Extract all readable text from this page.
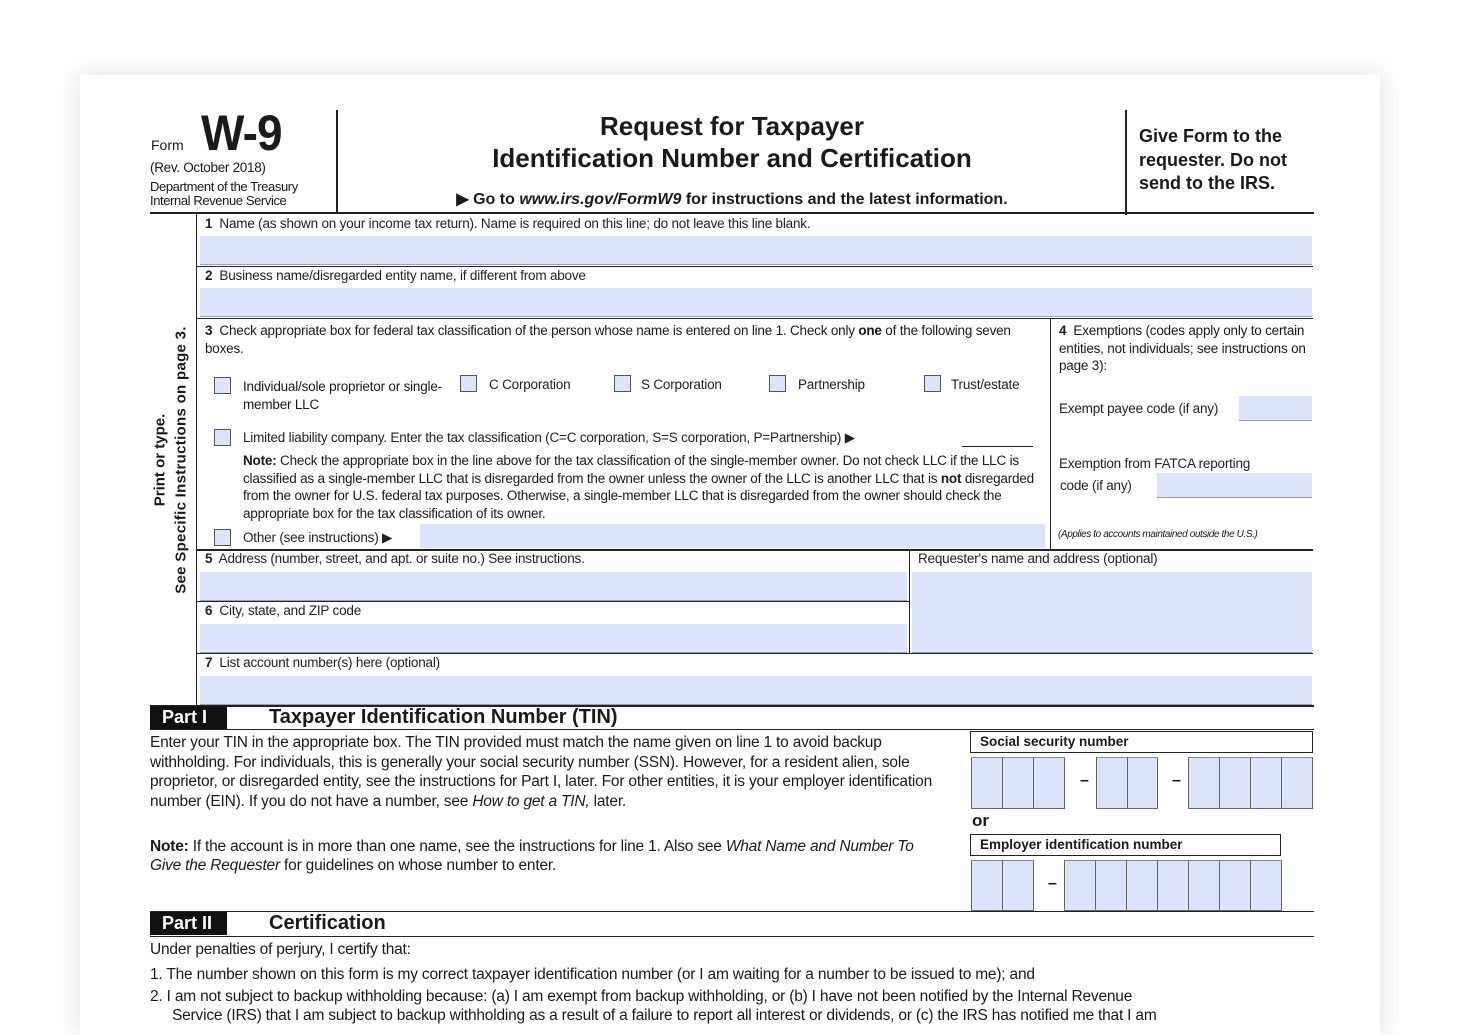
Form W-9
(Rev. October 2018)
Department of the Treasury
Internal Revenue Service
Request for Taxpayer
Identification Number and Certification
▶ Go to www.irs.gov/FormW9 for instructions and the latest information.
Give Form to the
requester. Do not
send to the IRS.
Print or type. See Specific Instructions on page 3.
1 Name (as shown on your income tax return). Name is required on this line; do not leave this line blank.
2 Business name/disregarded entity name, if different from above
3 Check appropriate box for federal tax classification of the person whose name is entered on line 1. Check only one of the following seven boxes.
Individual/sole proprietor or single-member LLC
C Corporation	S Corporation	Partnership	Trust/estate
Limited liability company. Enter the tax classification (C=C corporation, S=S corporation, P=Partnership) ▶
Note: Check the appropriate box in the line above for the tax classification of the single-member owner. Do not check LLC if the LLC is classified as a single-member LLC that is disregarded from the owner unless the owner of the LLC is another LLC that is not disregarded from the owner for U.S. federal tax purposes. Otherwise, a single-member LLC that is disregarded from the owner should check the appropriate box for the tax classification of its owner.
Other (see instructions) ▶
4 Exemptions (codes apply only to certain entities, not individuals; see instructions on page 3):
Exempt payee code (if any)
Exemption from FATCA reporting
code (if any)
(Applies to accounts maintained outside the U.S.)
5 Address (number, street, and apt. or suite no.) See instructions.	Requester's name and address (optional)
6 City, state, and ZIP code
7 List account number(s) here (optional)
Part I	Taxpayer Identification Number (TIN)
Enter your TIN in the appropriate box. The TIN provided must match the name given on line 1 to avoid backup withholding. For individuals, this is generally your social security number (SSN). However, for a resident alien, sole proprietor, or disregarded entity, see the instructions for Part I, later. For other entities, it is your employer identification number (EIN). If you do not have a number, see How to get a TIN, later.
Note: If the account is in more than one name, see the instructions for line 1. Also see What Name and Number To Give the Requester for guidelines on whose number to enter.
Social security number
–	–
or
Employer identification number
–
Part II	Certification
Under penalties of perjury, I certify that:
1. The number shown on this form is my correct taxpayer identification number (or I am waiting for a number to be issued to me); and
2. I am not subject to backup withholding because: (a) I am exempt from backup withholding, or (b) I have not been notified by the Internal Revenue
Service (IRS) that I am subject to backup withholding as a result of a failure to report all interest or dividends, or (c) the IRS has notified me that I am
